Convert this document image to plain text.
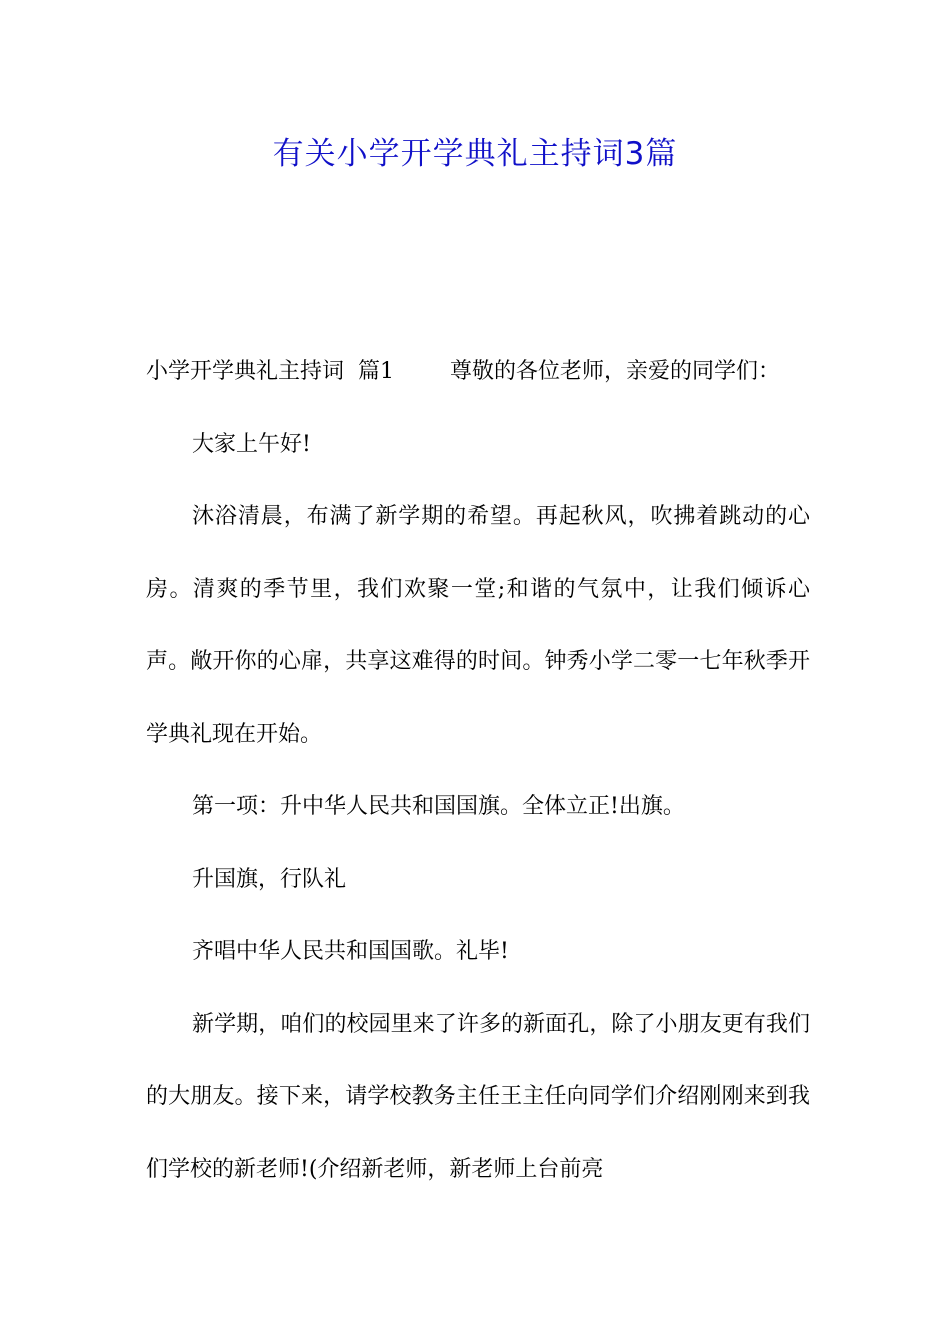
有关小学开学典礼主持词3篇

小学开学典礼主持词  篇1	尊敬的各位老师，亲爱的同学们：

大家上午好!

沐浴清晨，布满了新学期的希望。再起秋风，吹拂着跳动的心房。清爽的季节里，我们欢聚一堂;和谐的气氛中，让我们倾诉心声。敞开你的心扉，共享这难得的时间。钟秀小学二零一七年秋季开学典礼现在开始。

第一项：升中华人民共和国国旗。全体立正!出旗。

升国旗，行队礼

齐唱中华人民共和国国歌。礼毕!

新学期，咱们的校园里来了许多的新面孔，除了小朋友更有我们的大朋友。接下来，请学校教务主任王主任向同学们介绍刚刚来到我们学校的新老师!(介绍新老师，新老师上台前亮
